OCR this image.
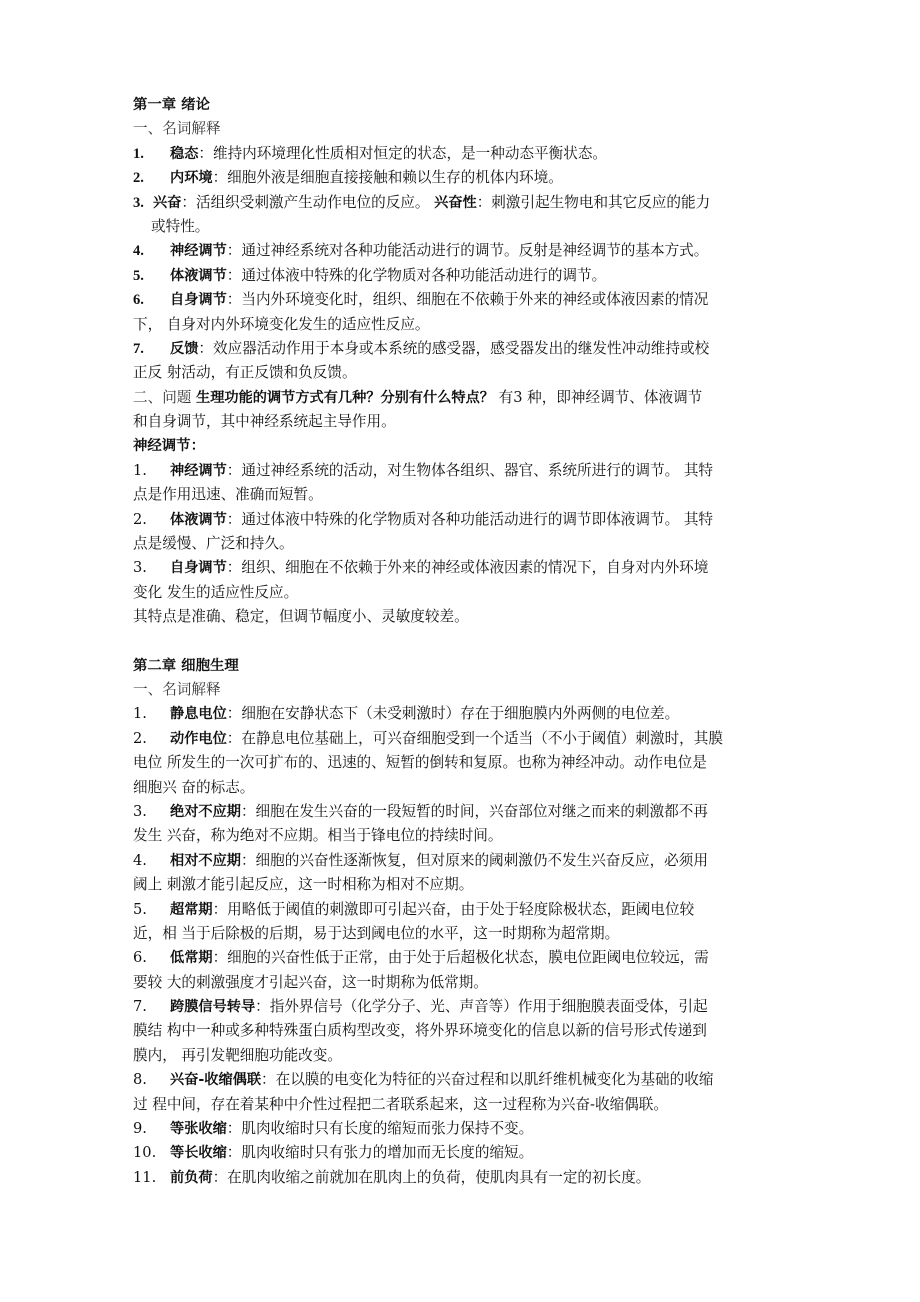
第一章 绪论
一、名词解释
1. 稳态：维持内环境理化性质相对恒定的状态，是一种动态平衡状态。
2. 内环境：细胞外液是细胞直接接触和赖以生存的机体内环境。
3. 兴奋：活组织受刺激产生动作电位的反应。 兴奋性：刺激引起生物电和其它反应的能力
或特性。
4. 神经调节：通过神经系统对各种功能活动进行的调节。反射是神经调节的基本方式。
5. 体液调节：通过体液中特殊的化学物质对各种功能活动进行的调节。
6. 自身调节：当内外环境变化时，组织、细胞在不依赖于外来的神经或体液因素的情况
下， 自身对内外环境变化发生的适应性反应。
7. 反馈：效应器活动作用于本身或本系统的感受器，感受器发出的继发性冲动维持或校
正反 射活动，有正反馈和负反馈。
二、问题 生理功能的调节方式有几种？分别有什么特点？ 有3 种，即神经调节、体液调节
和自身调节，其中神经系统起主导作用。
神经调节：
1. 神经调节：通过神经系统的活动，对生物体各组织、器官、系统所进行的调节。 其特
点是作用迅速、准确而短暂。
2. 体液调节：通过体液中特殊的化学物质对各种功能活动进行的调节即体液调节。 其特
点是缓慢、广泛和持久。
3. 自身调节：组织、细胞在不依赖于外来的神经或体液因素的情况下，自身对内外环境
变化 发生的适应性反应。
其特点是准确、稳定，但调节幅度小、灵敏度较差。
第二章 细胞生理
一、名词解释
1. 静息电位：细胞在安静状态下（未受刺激时）存在于细胞膜内外两侧的电位差。
2. 动作电位：在静息电位基础上，可兴奋细胞受到一个适当（不小于阈值）刺激时，其膜
电位 所发生的一次可扩布的、迅速的、短暂的倒转和复原。也称为神经冲动。动作电位是
细胞兴 奋的标志。
3. 绝对不应期：细胞在发生兴奋的一段短暂的时间，兴奋部位对继之而来的刺激都不再
发生 兴奋，称为绝对不应期。相当于锋电位的持续时间。
4. 相对不应期：细胞的兴奋性逐渐恢复，但对原来的阈刺激仍不发生兴奋反应，必须用
阈上 刺激才能引起反应，这一时相称为相对不应期。
5. 超常期：用略低于阈值的刺激即可引起兴奋，由于处于轻度除极状态，距阈电位较
近，相 当于后除极的后期，易于达到阈电位的水平，这一时期称为超常期。
6. 低常期：细胞的兴奋性低于正常，由于处于后超极化状态，膜电位距阈电位较远，需
要较 大的刺激强度才引起兴奋，这一时期称为低常期。
7. 跨膜信号转导：指外界信号（化学分子、光、声音等）作用于细胞膜表面受体，引起
膜结 构中一种或多种特殊蛋白质构型改变，将外界环境变化的信息以新的信号形式传递到
膜内， 再引发靶细胞功能改变。
8. 兴奋-收缩偶联：在以膜的电变化为特征的兴奋过程和以肌纤维机械变化为基础的收缩
过 程中间，存在着某种中介性过程把二者联系起来，这一过程称为兴奋-收缩偶联。
9. 等张收缩：肌肉收缩时只有长度的缩短而张力保持不变。
10. 等长收缩：肌肉收缩时只有张力的增加而无长度的缩短。
11. 前负荷：在肌肉收缩之前就加在肌肉上的负荷，使肌肉具有一定的初长度。
